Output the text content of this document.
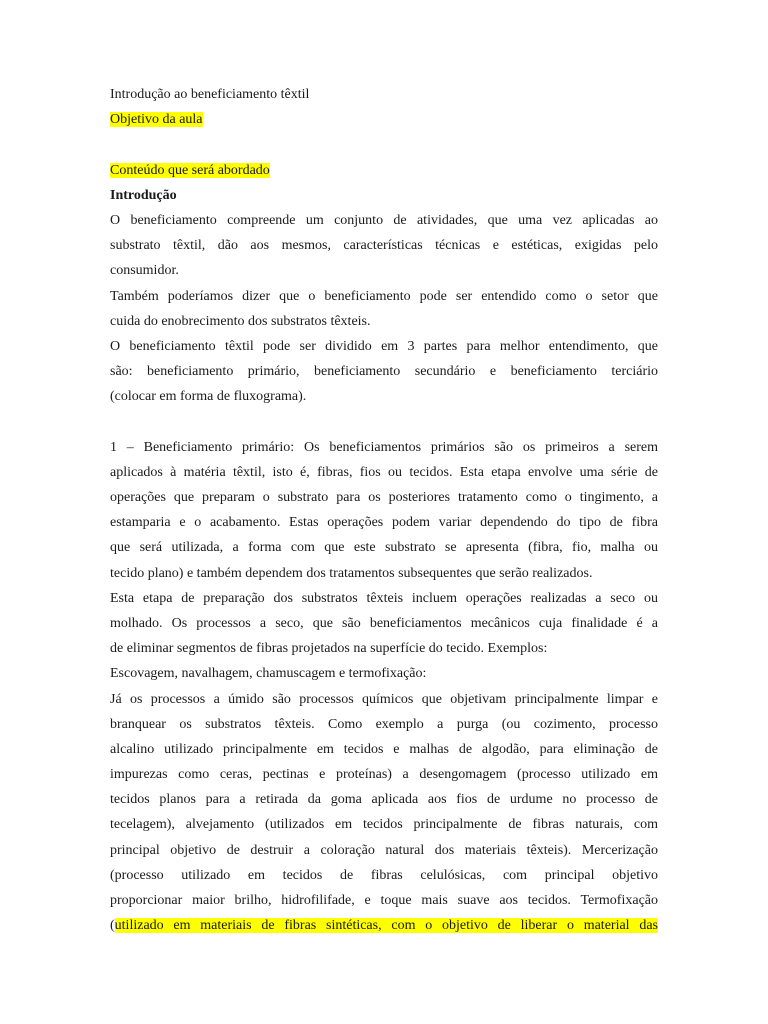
Introdução ao beneficiamento têxtil
Objetivo da aula
Conteúdo que será abordado
Introdução
O beneficiamento compreende um conjunto de atividades, que uma vez aplicadas ao
substrato têxtil, dão aos mesmos, características técnicas e estéticas, exigidas pelo
consumidor.
Também poderíamos dizer que o beneficiamento pode ser entendido como o setor que
cuida do enobrecimento dos substratos têxteis.
O beneficiamento têxtil pode ser dividido em 3 partes para melhor entendimento, que
são: beneficiamento primário, beneficiamento secundário e beneficiamento terciário
(colocar em forma de fluxograma).
1 – Beneficiamento primário: Os beneficiamentos primários são os primeiros a serem
aplicados à matéria têxtil, isto é, fibras, fios ou tecidos. Esta etapa envolve uma série de
operações que preparam o substrato para os posteriores tratamento como o tingimento, a
estamparia e o acabamento. Estas operações podem variar dependendo do tipo de fibra
que será utilizada, a forma com que este substrato se apresenta (fibra, fio, malha ou
tecido plano) e também dependem dos tratamentos subsequentes que serão realizados.
Esta etapa de preparação dos substratos têxteis incluem operações realizadas a seco ou
molhado. Os processos a seco, que são beneficiamentos mecânicos cuja finalidade é a
de eliminar segmentos de fibras projetados na superfície do tecido. Exemplos:
Escovagem, navalhagem, chamuscagem e termofixação:
Já os processos a úmido são processos químicos que objetivam principalmente limpar e
branquear os substratos têxteis. Como exemplo a purga (ou cozimento, processo
alcalino utilizado principalmente em tecidos e malhas de algodão, para eliminação de
impurezas como ceras, pectinas e proteínas) a desengomagem (processo utilizado em
tecidos planos para a retirada da goma aplicada aos fios de urdume no processo de
tecelagem), alvejamento (utilizados em tecidos principalmente de fibras naturais, com
principal objetivo de destruir a coloração natural dos materiais têxteis). Mercerização
(processo utilizado em tecidos de fibras celulósicas, com principal objetivo
proporcionar maior brilho, hidrofilifade, e toque mais suave aos tecidos. Termofixação
(utilizado em materiais de fibras sintéticas, com o objetivo de liberar o material das
